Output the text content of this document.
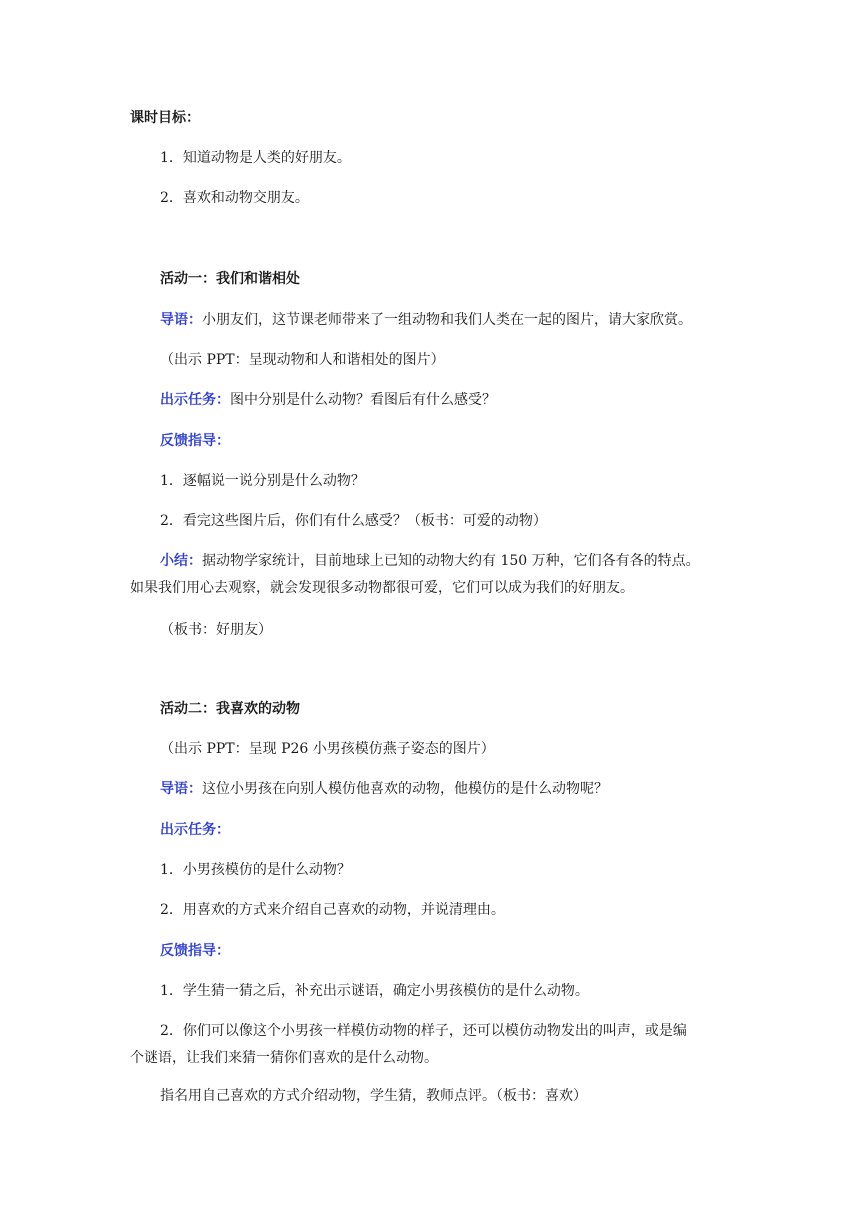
课时目标：
1．知道动物是人类的好朋友。
2．喜欢和动物交朋友。
活动一：我们和谐相处
导语：小朋友们，这节课老师带来了一组动物和我们人类在一起的图片，请大家欣赏。
（出示 PPT：呈现动物和人和谐相处的图片）
出示任务：图中分别是什么动物？看图后有什么感受？
反馈指导：
1．逐幅说一说分别是什么动物？
2．看完这些图片后，你们有什么感受？（板书：可爱的动物）
小结：据动物学家统计，目前地球上已知的动物大约有 150 万种，它们各有各的特点。
如果我们用心去观察，就会发现很多动物都很可爱，它们可以成为我们的好朋友。
（板书：好朋友）
活动二：我喜欢的动物
（出示 PPT：呈现 P26 小男孩模仿燕子姿态的图片）
导语：这位小男孩在向别人模仿他喜欢的动物，他模仿的是什么动物呢？
出示任务：
1．小男孩模仿的是什么动物？
2．用喜欢的方式来介绍自己喜欢的动物，并说清理由。
反馈指导：
1．学生猜一猜之后，补充出示谜语，确定小男孩模仿的是什么动物。
2．你们可以像这个小男孩一样模仿动物的样子，还可以模仿动物发出的叫声，或是编
个谜语，让我们来猜一猜你们喜欢的是什么动物。
指名用自己喜欢的方式介绍动物，学生猜，教师点评。（板书：喜欢）
